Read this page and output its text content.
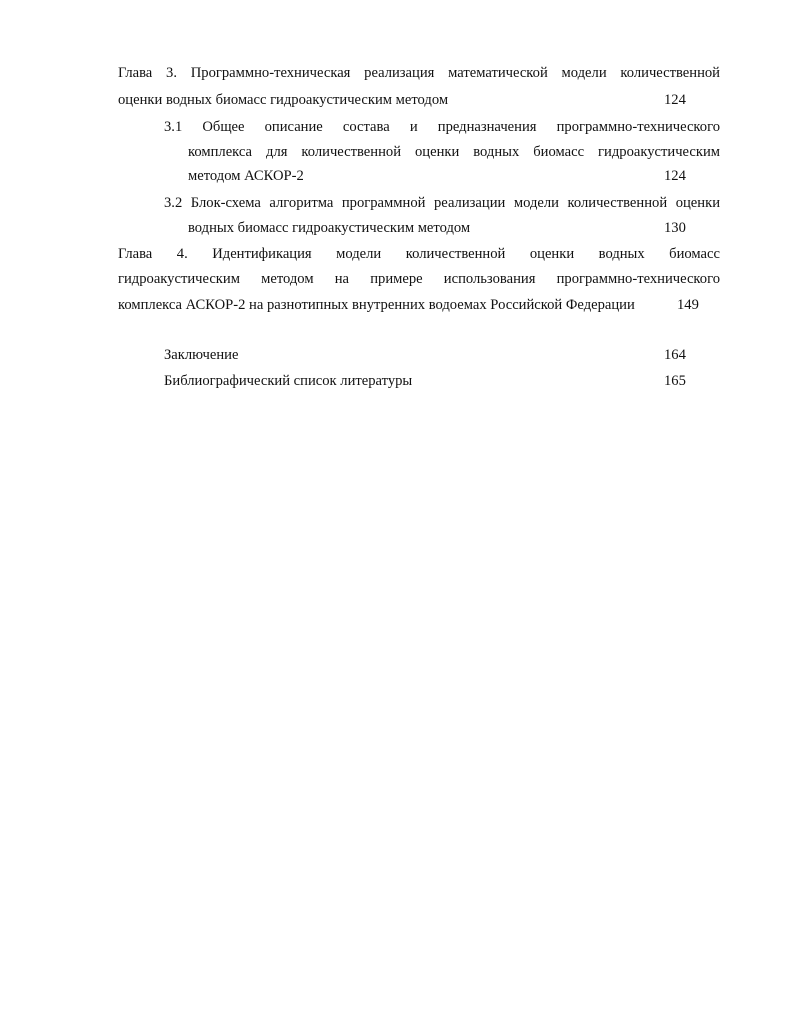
Глава 3. Программно-техническая реализация математической модели количественной
оценки водных биомасс гидроакустическим методом	124
3.1 Общее описание состава и предназначения программно-технического
комплекса для количественной оценки водных биомасс гидроакустическим
методом АСКОР-2	124
3.2 Блок-схема алгоритма программной реализации модели количественной оценки
водных биомасс гидроакустическим методом	130
Глава 4. Идентификация модели количественной оценки водных биомасс
гидроакустическим методом на примере использования программно-технического
комплекса АСКОР-2 на разнотипных внутренних водоемах Российской Федерации	149
Заключение	164
Библиографический список литературы	165
